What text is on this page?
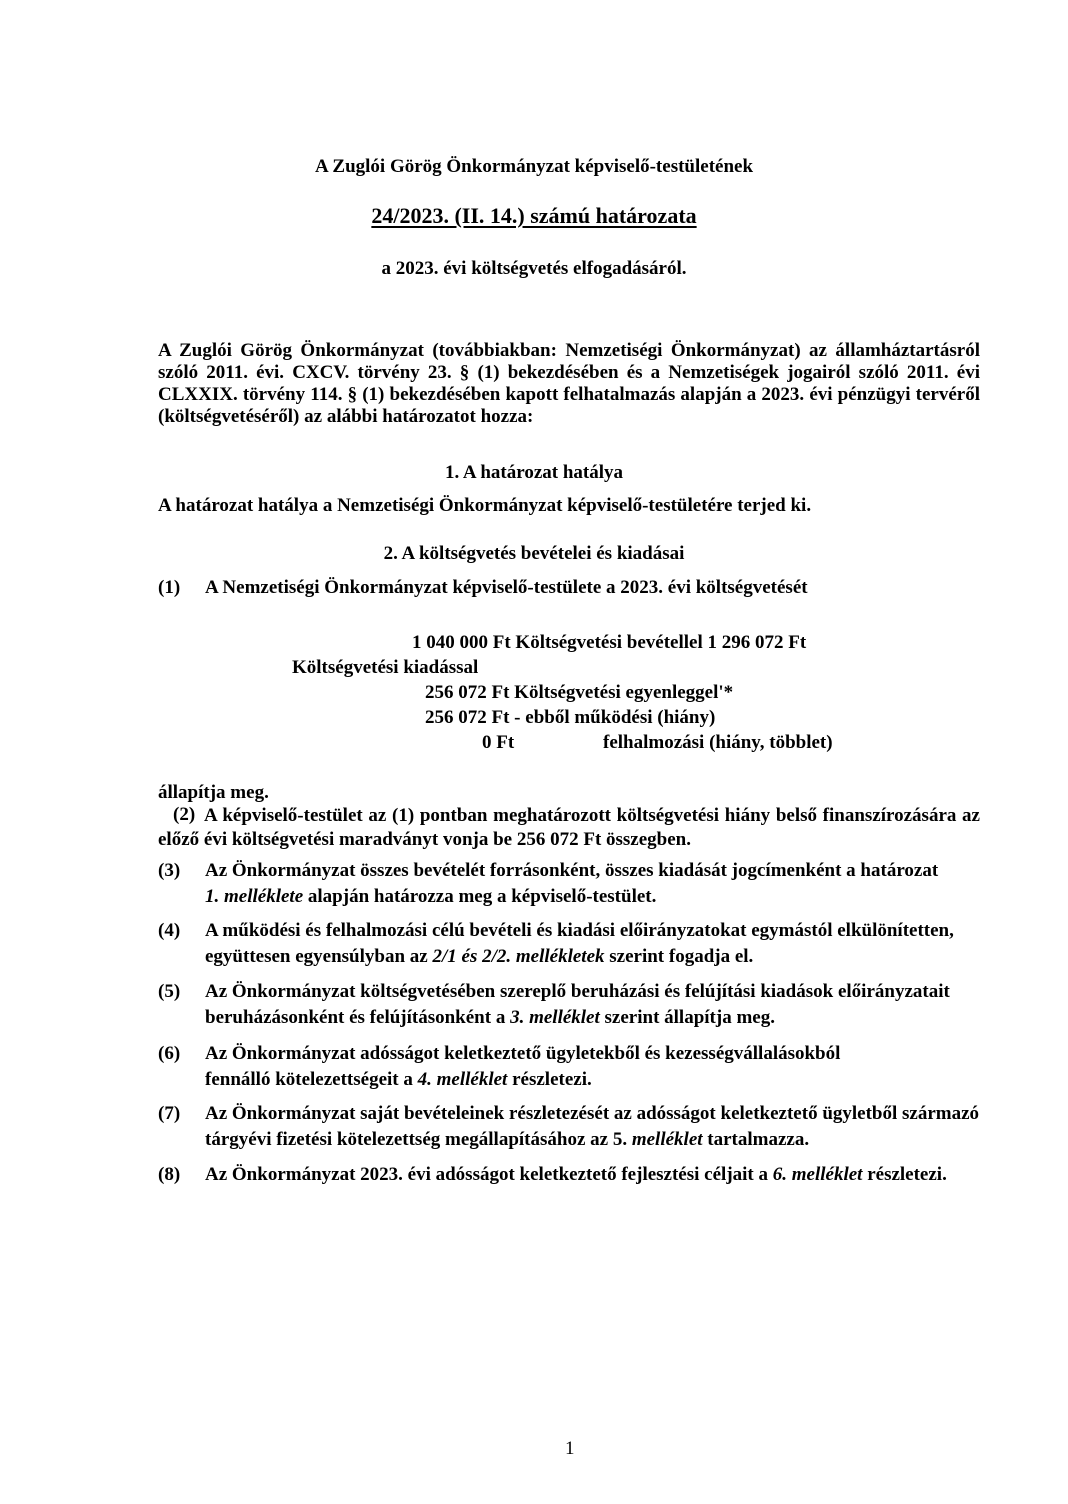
A Zuglói Görög Önkormányzat képviselő-testületének
24/2023. (II. 14.) számú határozata
a 2023. évi költségvetés elfogadásáról.
A Zuglói Görög Önkormányzat (továbbiakban: Nemzetiségi Önkormányzat) az államháztartásról szóló 2011. évi. CXCV. törvény 23. § (1) bekezdésében és a Nemzetiségek jogairól szóló 2011. évi CLXXIX. törvény 114. § (1) bekezdésében kapott felhatalmazás alapján a 2023. évi pénzügyi tervéről (költségvetéséről) az alábbi határozatot hozza:
1. A határozat hatálya
A határozat hatálya a Nemzetiségi Önkormányzat képviselő-testületére terjed ki.
2. A költségvetés bevételei és kiadásai
(1) A Nemzetiségi Önkormányzat képviselő-testülete a 2023. évi költségvetését
1 040 000 Ft Költségvetési bevétellel 1 296 072 Ft
Költségvetési kiadással
256 072 Ft Költségvetési egyenleggel'*
256 072 Ft - ebből működési (hiány)
0 Ft	felhalmozási (hiány, többlet)
állapítja meg.
(2) A képviselő-testület az (1) pontban meghatározott költségvetési hiány belső finanszírozására az előző évi költségvetési maradványt vonja be 256 072 Ft összegben.
(3) Az Önkormányzat összes bevételét forrásonként, összes kiadását jogcímenként a határozat 1. melléklete alapján határozza meg a képviselő-testület.
(4) A működési és felhalmozási célú bevételi és kiadási előirányzatokat egymástól elkülönítetten, együttesen egyensúlyban az 2/1 és 2/2. mellékletek szerint fogadja el.
(5) Az Önkormányzat költségvetésében szereplő beruházási és felújítási kiadások előirányzatait beruházásonként és felújításonként a 3. melléklet szerint állapítja meg.
(6) Az Önkormányzat adósságot keletkeztető ügyletekből és kezességvállalásokból fennálló kötelezettségeit a 4. melléklet részletezi.
(7) Az Önkormányzat saját bevételeinek részletezését az adósságot keletkeztető ügyletből származó tárgyévi fizetési kötelezettség megállapításához az 5. melléklet tartalmazza.
(8) Az Önkormányzat 2023. évi adósságot keletkeztető fejlesztési céljait a 6. melléklet részletezi.
1
